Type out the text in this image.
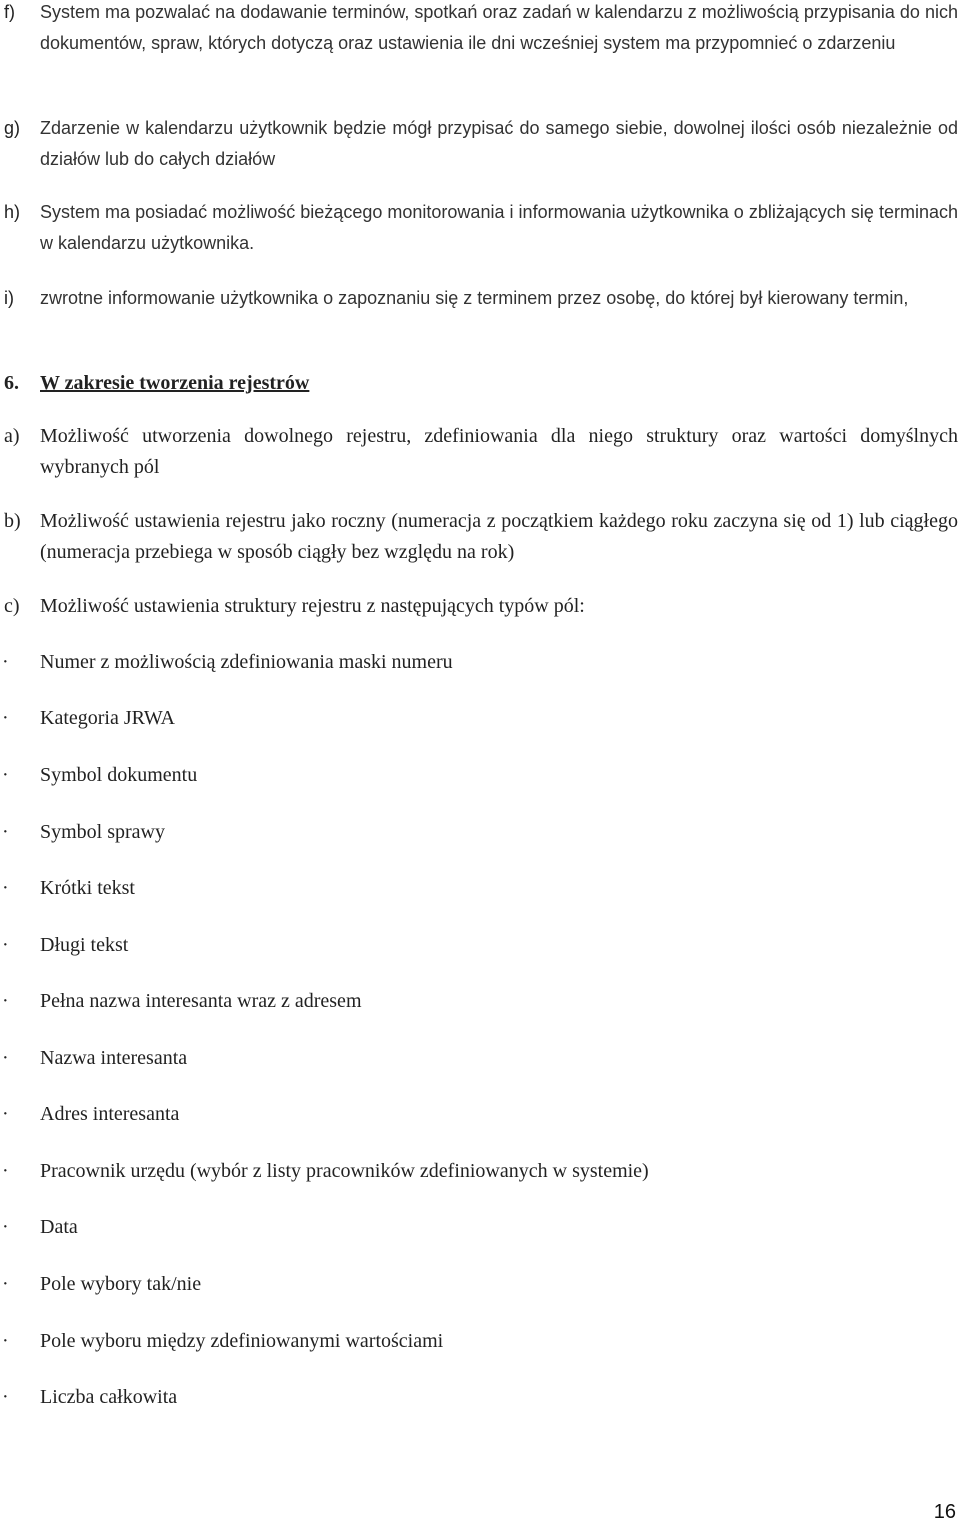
f) System ma pozwalać na dodawanie terminów, spotkań oraz zadań w kalendarzu z możliwością przypisania do nich dokumentów, spraw, których dotyczą oraz ustawienia ile dni wcześniej system ma przypomnieć o zdarzeniu
g) Zdarzenie w kalendarzu użytkownik będzie mógł przypisać do samego siebie, dowolnej ilości osób niezależnie od działów lub do całych działów
h) System ma posiadać możliwość bieżącego monitorowania i informowania użytkownika o zbliżających się terminach w kalendarzu użytkownika.
i) zwrotne informowanie użytkownika o zapoznaniu się z terminem przez osobę, do której był kierowany termin,
6. W zakresie tworzenia rejestrów
a) Możliwość utworzenia dowolnego rejestru, zdefiniowania dla niego struktury oraz wartości domyślnych wybranych pól
b) Możliwość ustawienia rejestru jako roczny (numeracja z początkiem każdego roku zaczyna się od 1) lub ciągłego (numeracja przebiega w sposób ciągły bez względu na rok)
c) Możliwość ustawienia struktury rejestru z następujących typów pól:
· Numer z możliwością zdefiniowania maski numeru
· Kategoria JRWA
· Symbol dokumentu
· Symbol sprawy
· Krótki tekst
· Długi tekst
· Pełna nazwa interesanta wraz z adresem
· Nazwa interesanta
· Adres interesanta
· Pracownik urzędu (wybór z listy pracowników zdefiniowanych w systemie)
· Data
· Pole wybory tak/nie
· Pole wyboru między zdefiniowanymi wartościami
· Liczba całkowita
16
